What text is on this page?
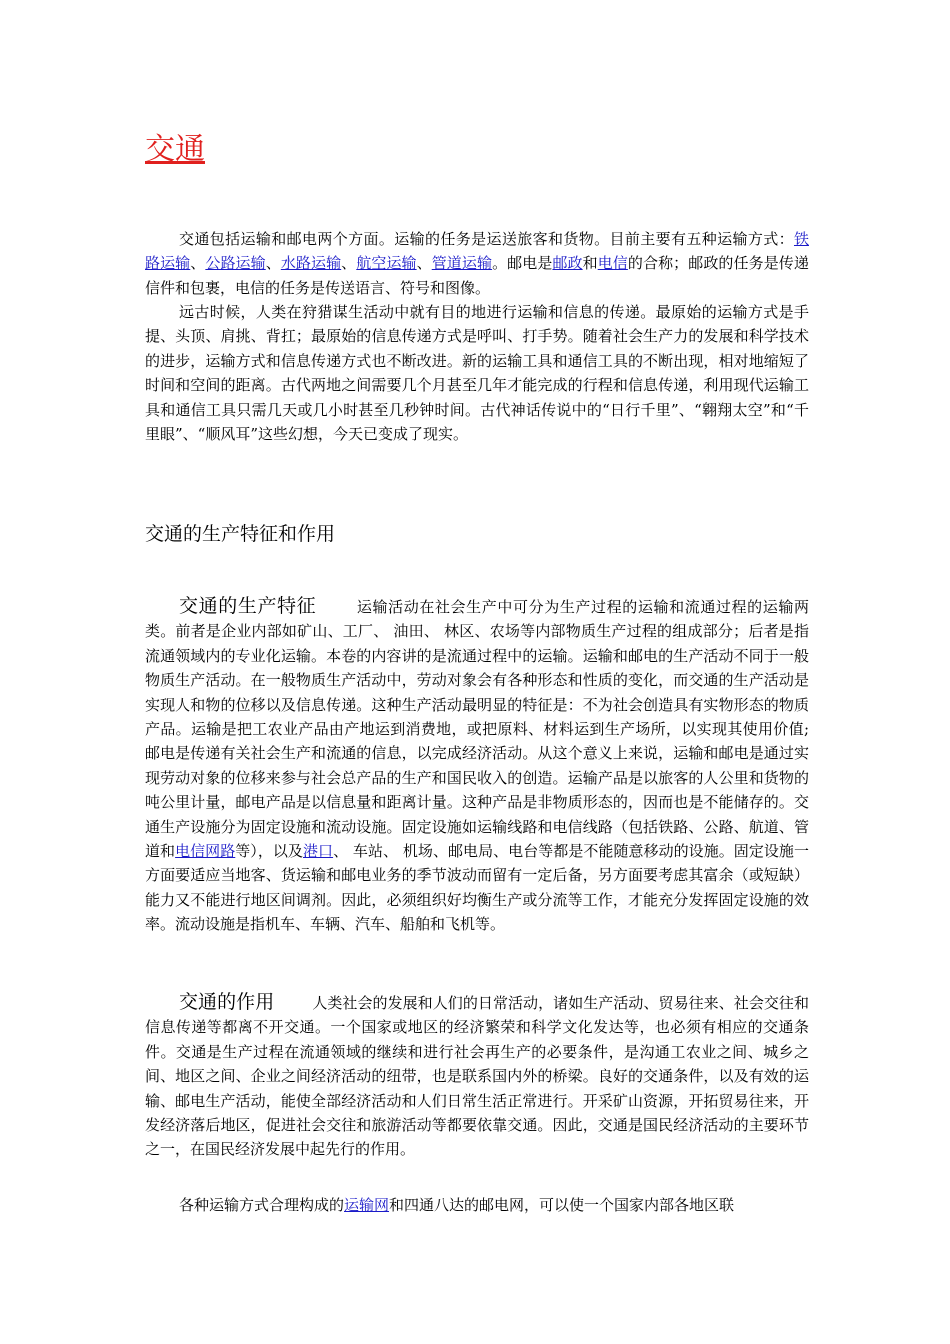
交通

交通包括运输和邮电两个方面。运输的任务是运送旅客和货物。目前主要有五种运输方式：铁路运输、公路运输、水路运输、航空运输、管道运输。邮电是邮政和电信的合称；邮政的任务是传递信件和包裹，电信的任务是传送语言、符号和图像。

远古时候，人类在狩猎谋生活动中就有目的地进行运输和信息的传递。最原始的运输方式是手提、头顶、肩挑、背扛；最原始的信息传递方式是呼叫、打手势。随着社会生产力的发展和科学技术的进步，运输方式和信息传递方式也不断改进。新的运输工具和通信工具的不断出现，相对地缩短了时间和空间的距离。古代两地之间需要几个月甚至几年才能完成的行程和信息传递，利用现代运输工具和通信工具只需几天或几小时甚至几秒钟时间。古代神话传说中的“日行千里”、“翱翔太空”和“千里眼”、“顺风耳”这些幻想，今天已变成了现实。

交通的生产特征和作用

交通的生产特征	运输活动在社会生产中可分为生产过程的运输和流通过程的运输两类。前者是企业内部如矿山、工厂、 油田、 林区、农场等内部物质生产过程的组成部分；后者是指流通领域内的专业化运输。本卷的内容讲的是流通过程中的运输。运输和邮电的生产活动不同于一般物质生产活动。在一般物质生产活动中，劳动对象会有各种形态和性质的变化，而交通的生产活动是实现人和物的位移以及信息传递。这种生产活动最明显的特征是：不为社会创造具有实物形态的物质产品。运输是把工农业产品由产地运到消费地，或把原料、材料运到生产场所，以实现其使用价值;邮电是传递有关社会生产和流通的信息，以完成经济活动。从这个意义上来说，运输和邮电是通过实现劳动对象的位移来参与社会总产品的生产和国民收入的创造。运输产品是以旅客的人公里和货物的吨公里计量，邮电产品是以信息量和距离计量。这种产品是非物质形态的，因而也是不能储存的。交通生产设施分为固定设施和流动设施。固定设施如运输线路和电信线路（包括铁路、公路、航道、管道和电信网路等），以及港口、 车站、 机场、邮电局、电台等都是不能随意移动的设施。固定设施一方面要适应当地客、货运输和邮电业务的季节波动而留有一定后备，另方面要考虑其富余（或短缺）能力又不能进行地区间调剂。因此，必须组织好均衡生产或分流等工作，才能充分发挥固定设施的效率。流动设施是指机车、车辆、汽车、船舶和飞机等。

交通的作用	人类社会的发展和人们的日常活动，诸如生产活动、贸易往来、社会交往和信息传递等都离不开交通。一个国家或地区的经济繁荣和科学文化发达等，也必须有相应的交通条件。交通是生产过程在流通领域的继续和进行社会再生产的必要条件，是沟通工农业之间、城乡之间、地区之间、企业之间经济活动的纽带，也是联系国内外的桥梁。良好的交通条件，以及有效的运输、邮电生产活动，能使全部经济活动和人们日常生活正常进行。开采矿山资源，开拓贸易往来，开发经济落后地区，促进社会交往和旅游活动等都要依靠交通。因此，交通是国民经济活动的主要环节之一，在国民经济发展中起先行的作用。

各种运输方式合理构成的运输网和四通八达的邮电网，可以使一个国家内部各地区联
